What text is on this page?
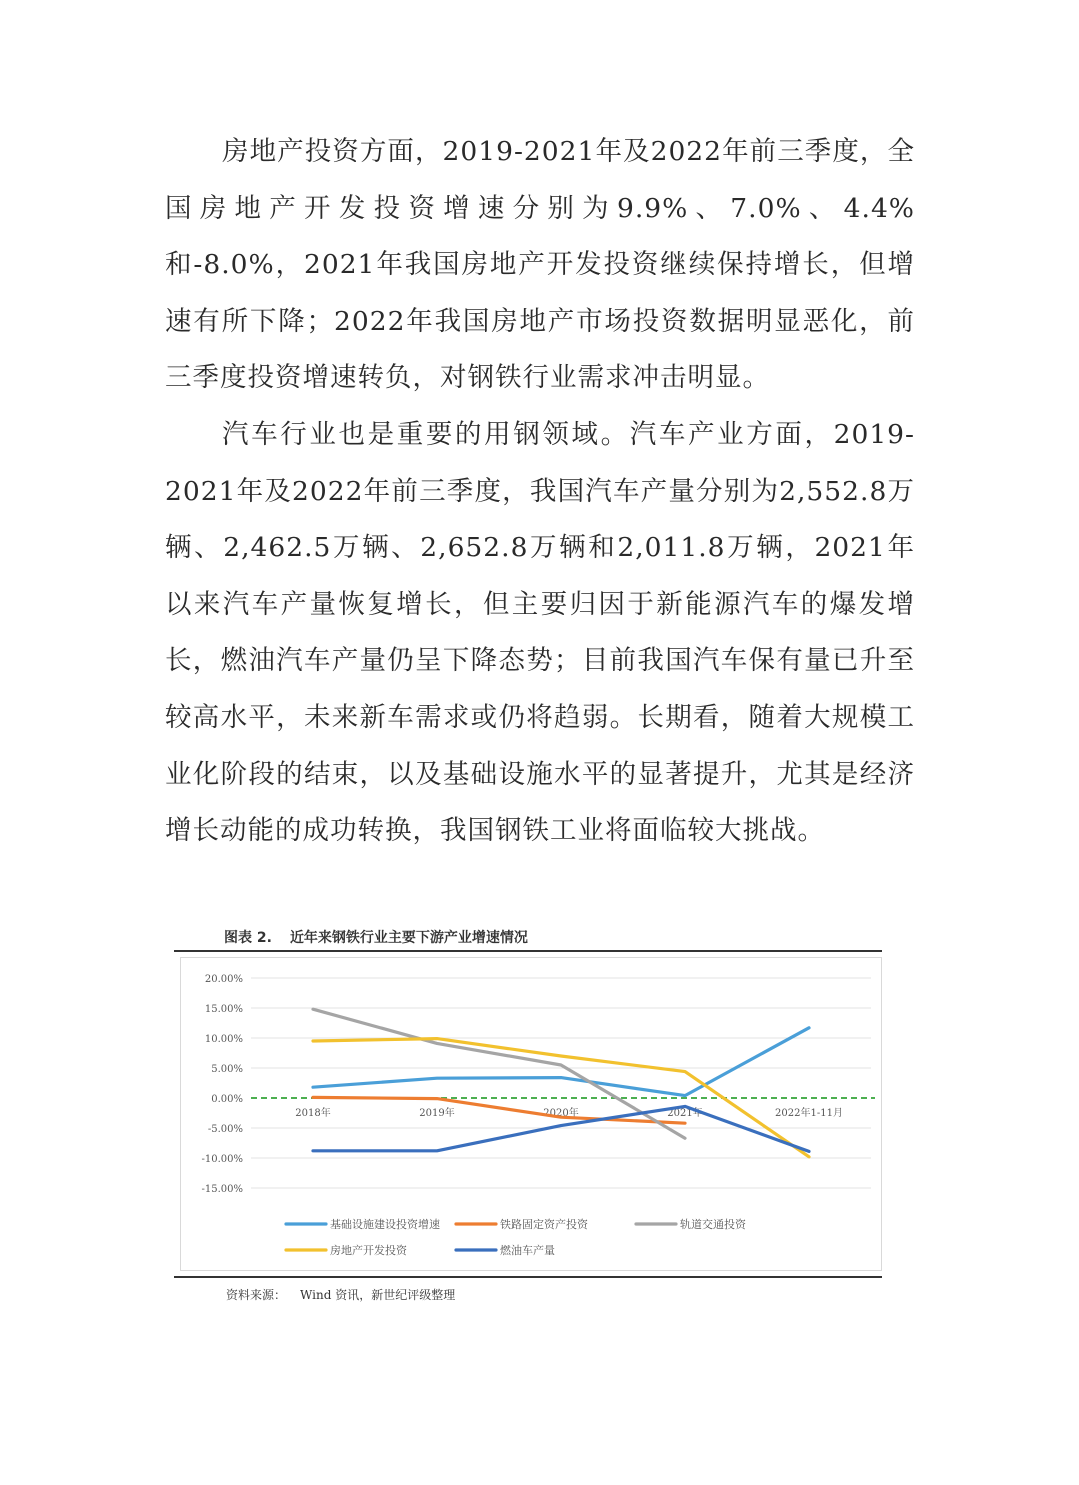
房地产投资方面，2019-2021年及2022年前三季度，全国房地产开发投资增速分别为9.9%、7.0%、4.4%和-8.0%，2021年我国房地产开发投资继续保持增长，但增速有所下降；2022年我国房地产市场投资数据明显恶化，前三季度投资增速转负，对钢铁行业需求冲击明显。

汽车行业也是重要的用钢领域。汽车产业方面，2019-2021年及2022年前三季度，我国汽车产量分别为2,552.8万辆、2,462.5万辆、2,652.8万辆和2,011.8万辆，2021年以来汽车产量恢复增长，但主要归因于新能源汽车的爆发增长，燃油汽车产量仍呈下降态势；目前我国汽车保有量已升至较高水平，未来新车需求或仍将趋弱。长期看，随着大规模工业化阶段的结束，以及基础设施水平的显著提升，尤其是经济增长动能的成功转换，我国钢铁工业将面临较大挑战。

图表 2. 近年来钢铁行业主要下游产业增速情况
20.00%
15.00%
10.00%
5.00%
0.00%
-5.00%
-10.00%
-15.00%
2018年	2019年	2020年	2021年	2022年1-11月
基础设施建设投资增速	铁路固定资产投资	轨道交通投资
房地产开发投资	燃油车产量
资料来源： Wind 资讯，新世纪评级整理
